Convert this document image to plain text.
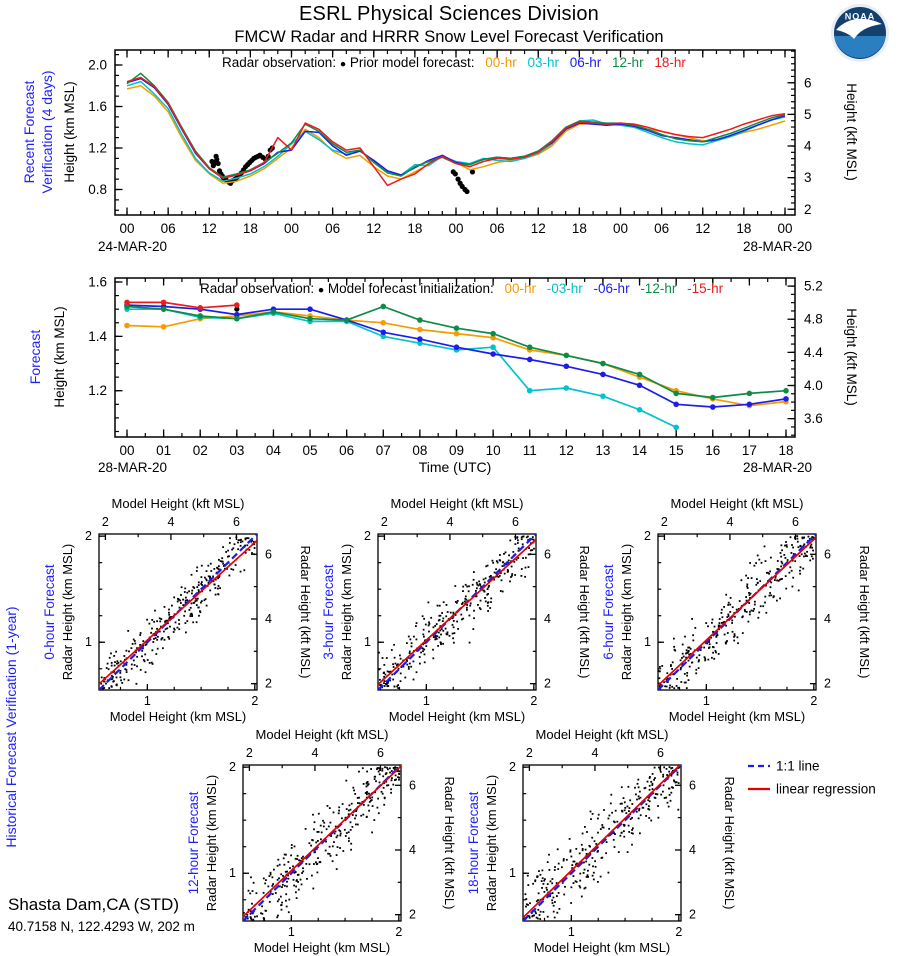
ESRL Physical Sciences Division
FMCW Radar and HRRR Snow Level Forecast Verification
00 06 12 18 00 06 12 18 00 06 12 18 00 06 12 18 00
24-MAR-20	28-MAR-20
2.0
1.6
1.2
0.8
Height (km MSL)	6
5
4
3
2
Height (kft MSL)
Recent Forecast Verification (4 days)
Radar observation: ● Prior model forecast: 00-hr 03-hr 06-hr 12-hr 18-hr
00 01 02 03 04 05 06 07 08 09 10 11 12 13 14 15 16 17 18
28-MAR-20	28-MAR-20
Time (UTC)
1.6
1.4
1.2
Height (km MSL)
5.2
4.8
4.4
4.0
3.6
Height (kft MSL)
Forecast
Radar observation: ● Model forecast initialization: 00-hr -03-hr -06-hr -12-hr -15-hr
1
1
2
2
2
2
4
4
6
6
Model Height (kft MSL)
Model Height (km MSL)
Radar Height (km MSL)	Radar Height (kft MSL)
0-hour Forecast
1
1
2
2
2
2
4
4
6
6
Model Height (kft MSL)
Model Height (km MSL)
Radar Height (km MSL)	Radar Height (kft MSL)
3-hour Forecast
1
1
2
2
2
2
4
4
6
6
Model Height (kft MSL)
Model Height (km MSL)
Radar Height (km MSL)	Radar Height (kft MSL)
6-hour Forecast
1
1
2
2
2
2
4
4
6
6
Model Height (kft MSL)
Model Height (km MSL)
Radar Height (km MSL)	Radar Height (kft MSL)
12-hour Forecast
1
1
2
2
2
2
4
4
6
6
Model Height (kft MSL)
Model Height (km MSL)
Radar Height (km MSL)	Radar Height (kft MSL)
18-hour Forecast
Historical Forecast Verification (1-year)	1:1 line
linear regression
NOAA
Shasta Dam,CA (STD)
40.7158 N, 122.4293 W, 202 m
